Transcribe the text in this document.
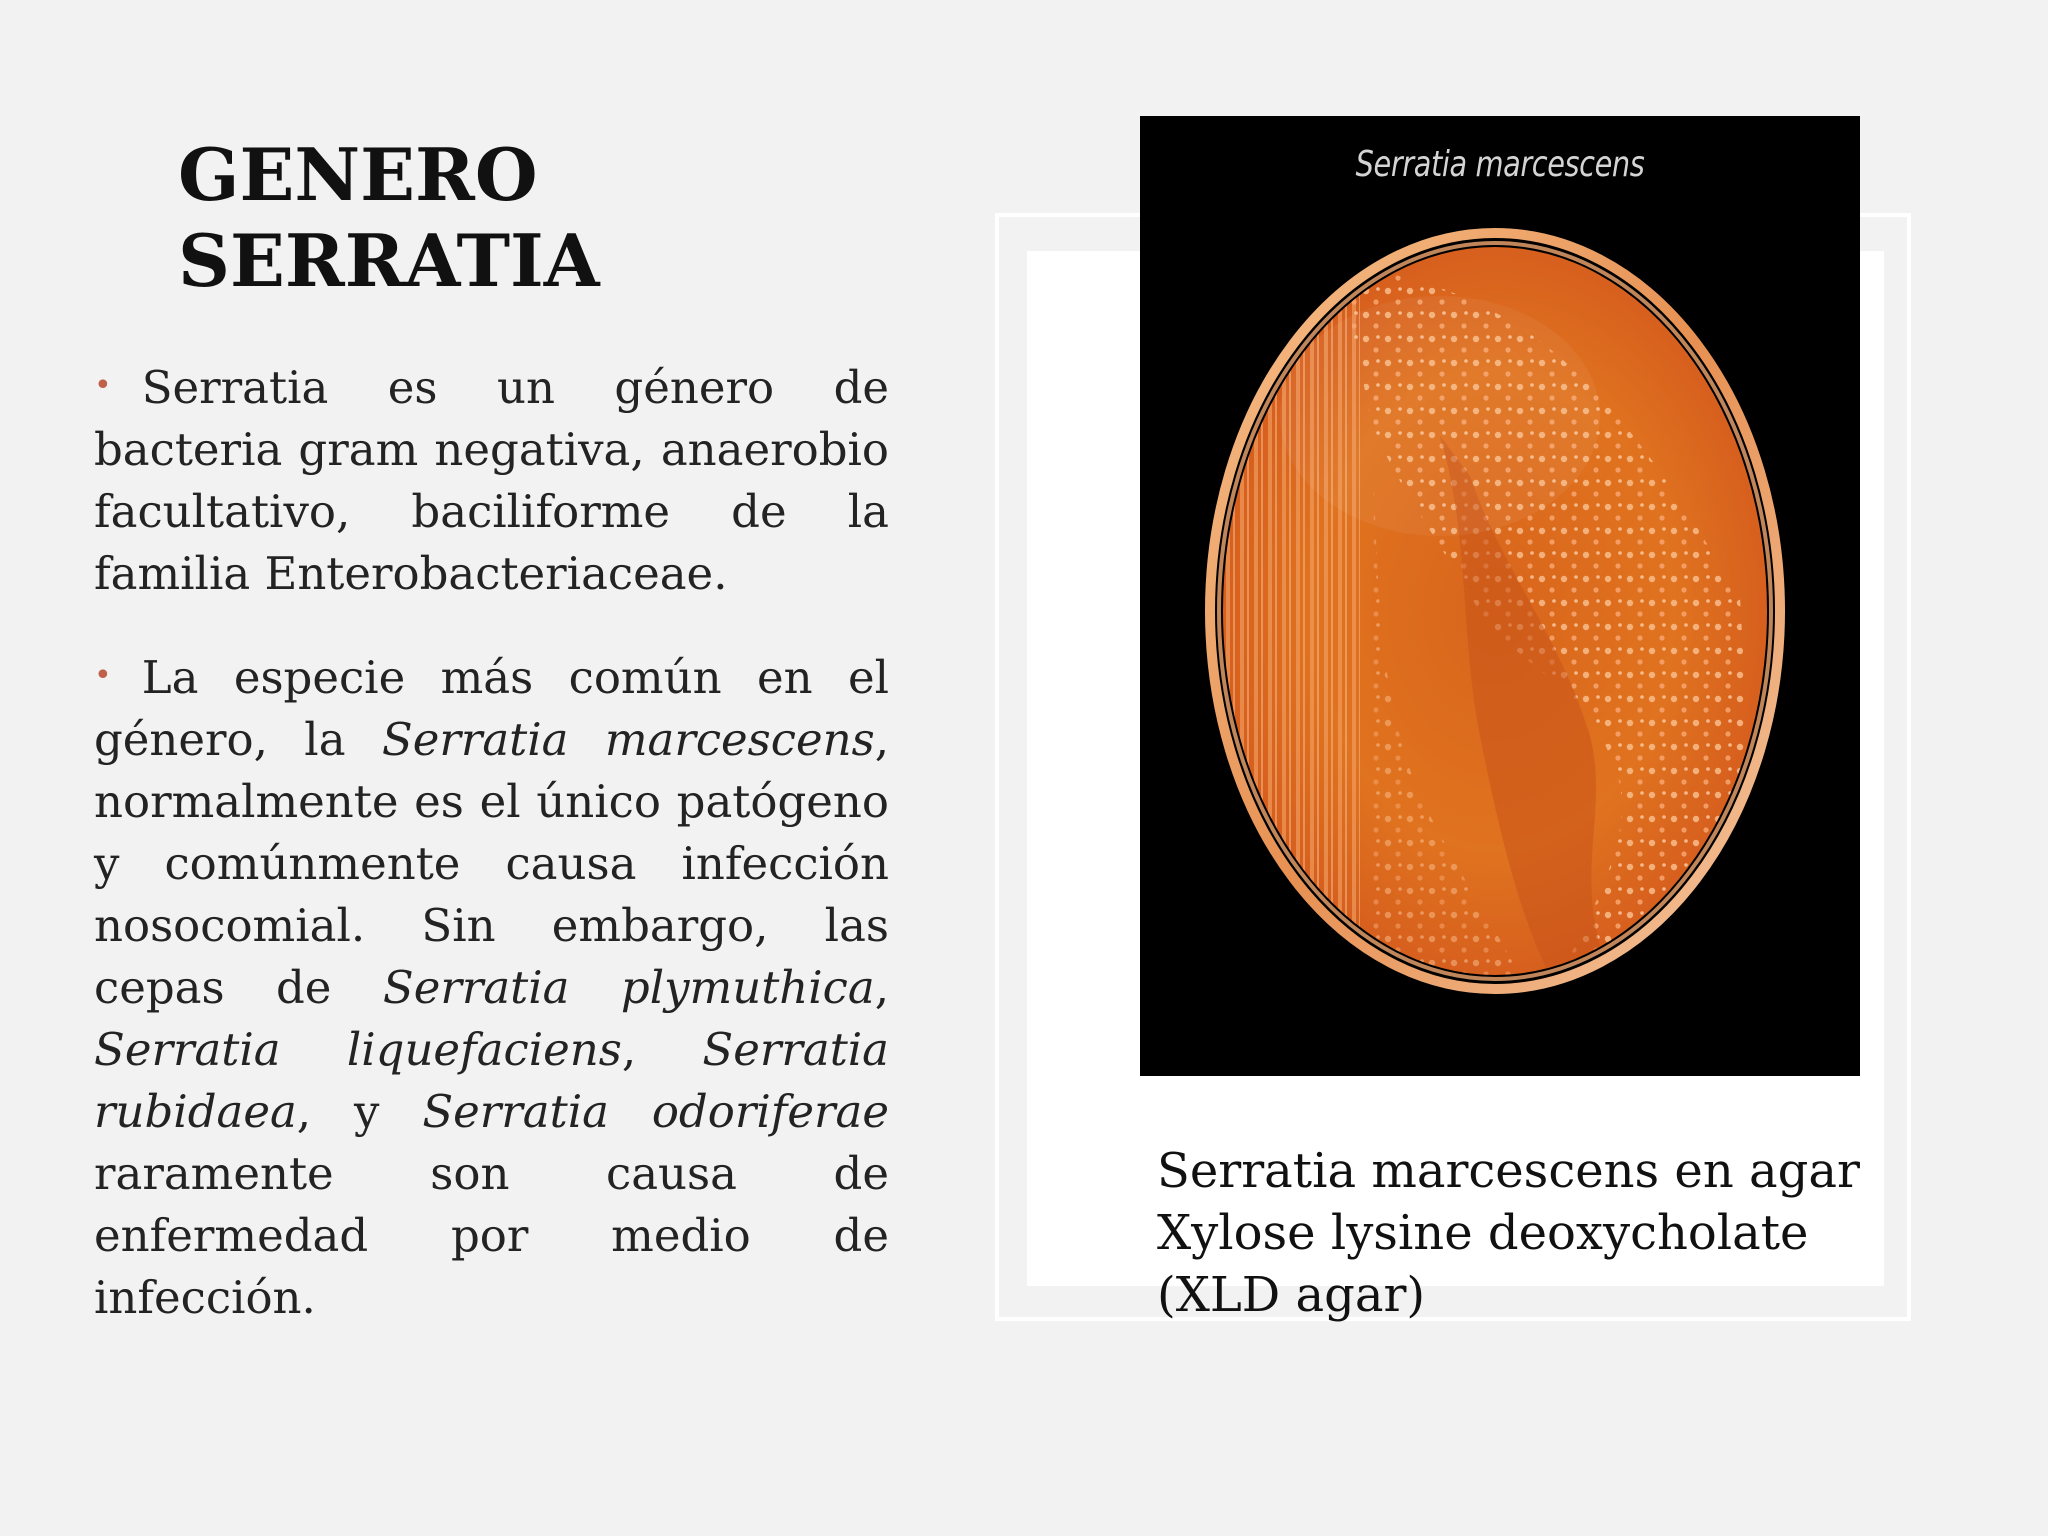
GENERO
SERRATIA

• Serratia es un género de bacteria gram negativa, anaerobio facultativo, baciliforme de la familia Enterobacteriaceae.

• La especie más común en el género, la Serratia marcescens, normalmente es el único patógeno y comúnmente causa infección nosocomial. Sin embargo, las cepas de Serratia plymuthica, Serratia liquefaciens, Serratia rubidaea, y Serratia odoriferae raramente son causa de enfermedad por medio de infección.

Serratia marcescens
Serratia marcescens en agar
Xylose lysine deoxycholate
(XLD agar)
